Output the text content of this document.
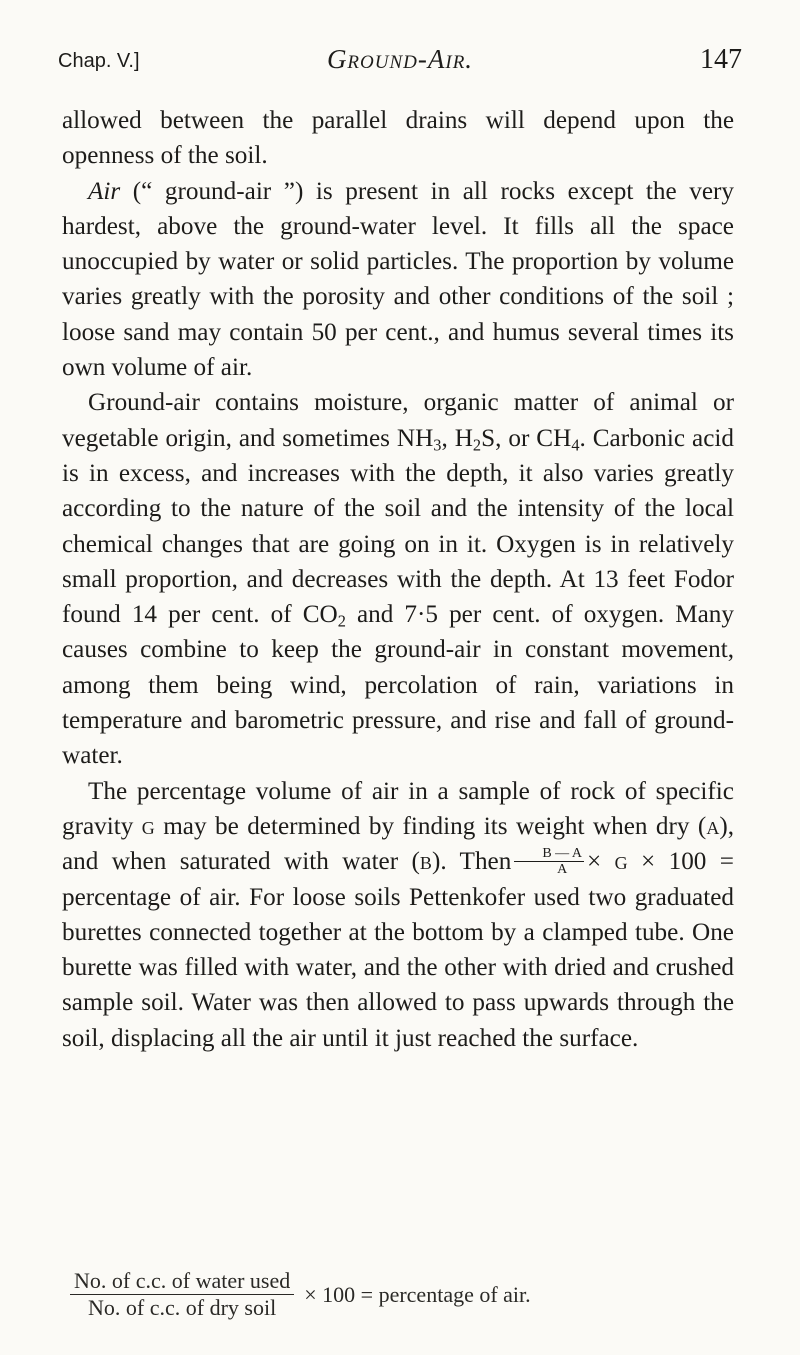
Chap. V.]	Ground-Air.	147

allowed between the parallel drains will depend upon the openness of the soil.

Air (“ ground-air ”) is present in all rocks except the very hardest, above the ground-water level. It fills all the space unoccupied by water or solid particles. The proportion by volume varies greatly with the porosity and other conditions of the soil ; loose sand may contain 50 per cent., and humus several times its own volume of air.

Ground-air contains moisture, organic matter of animal or vegetable origin, and sometimes $NH_3$, $H_2S$, or $CH_4$. Carbonic acid is in excess, and increases with the depth, it also varies greatly according to the nature of the soil and the intensity of the local chemical changes that are going on in it. Oxygen is in relatively small proportion, and decreases with the depth. At 13 feet Fodor found 14 per cent. of $CO_2$ and 7·5 per cent. of oxygen. Many causes combine to keep the ground-air in constant movement, among them being wind, percolation of rain, variations in temperature and barometric pressure, and rise and fall of ground-water.

The percentage volume of air in a sample of rock of specific gravity g may be determined by finding its weight when dry (a), and when saturated with water (b). Then $\frac{B — A}{A} \times g \times 100$ = percentage of air. For loose soils Pettenkofer used two graduated burettes connected together at the bottom by a clamped tube. One burette was filled with water, and the other with dried and crushed sample soil. Water was then allowed to pass upwards through the soil, displacing all the air until it just reached the surface.

$\frac{\text{No. of c.c. of water used}}{\text{No. of c.c. of dry soil}} \times 100$ = percentage of air.
